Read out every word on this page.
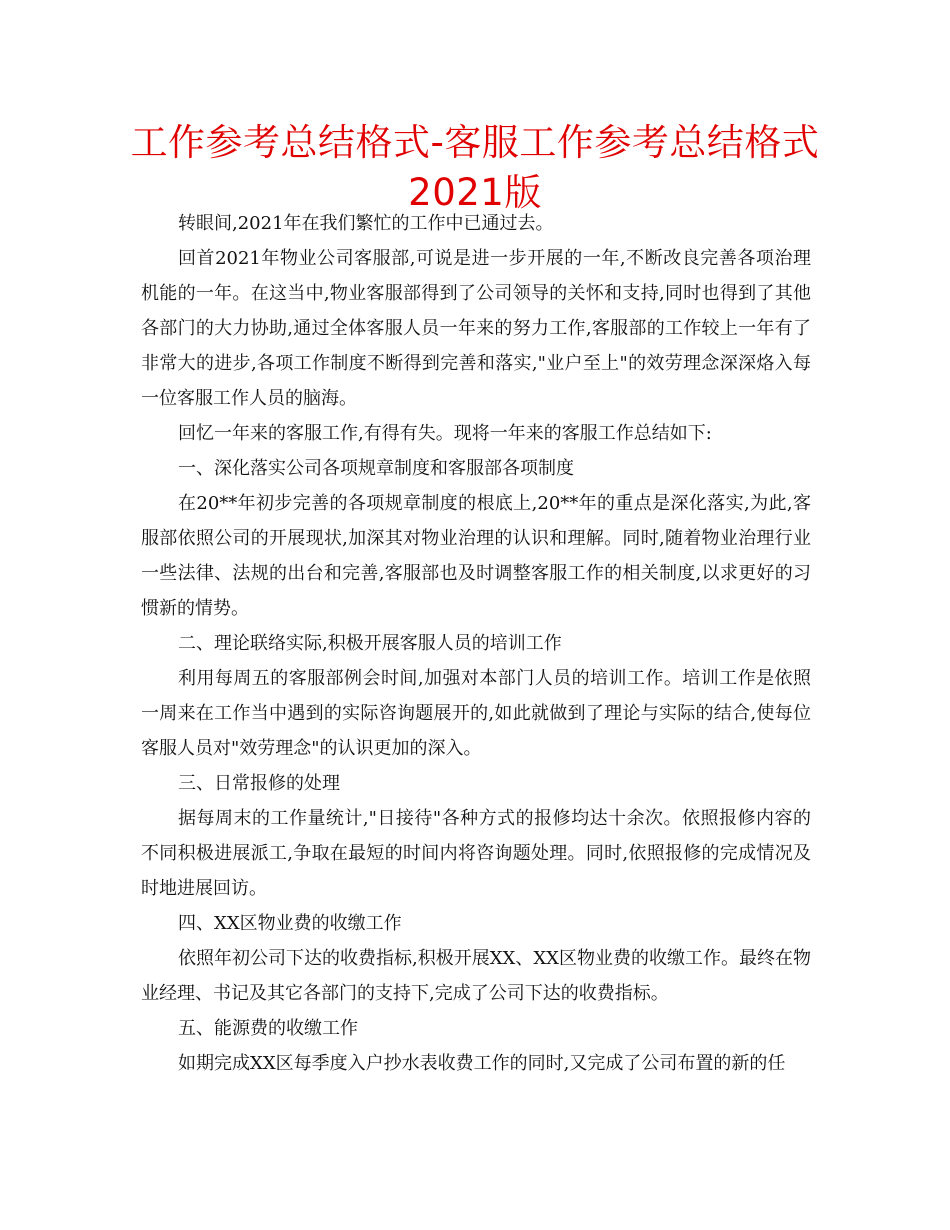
工作参考总结格式-客服工作参考总结格式2021版

转眼间,2021年在我们繁忙的工作中已通过去。

回首2021年物业公司客服部,可说是进一步开展的一年,不断改良完善各项治理机能的一年。在这当中,物业客服部得到了公司领导的关怀和支持,同时也得到了其他各部门的大力协助,通过全体客服人员一年来的努力工作,客服部的工作较上一年有了非常大的进步,各项工作制度不断得到完善和落实,"业户至上"的效劳理念深深烙入每一位客服工作人员的脑海。

回忆一年来的客服工作,有得有失。现将一年来的客服工作总结如下:

一、深化落实公司各项规章制度和客服部各项制度

在20**年初步完善的各项规章制度的根底上,20**年的重点是深化落实,为此,客服部依照公司的开展现状,加深其对物业治理的认识和理解。同时,随着物业治理行业一些法律、法规的出台和完善,客服部也及时调整客服工作的相关制度,以求更好的习惯新的情势。

二、理论联络实际,积极开展客服人员的培训工作

利用每周五的客服部例会时间,加强对本部门人员的培训工作。培训工作是依照一周来在工作当中遇到的实际咨询题展开的,如此就做到了理论与实际的结合,使每位客服人员对"效劳理念"的认识更加的深入。

三、日常报修的处理

据每周末的工作量统计,"日接待"各种方式的报修均达十余次。依照报修内容的不同积极进展派工,争取在最短的时间内将咨询题处理。同时,依照报修的完成情况及时地进展回访。

四、XX区物业费的收缴工作

依照年初公司下达的收费指标,积极开展XX、XX区物业费的收缴工作。最终在物业经理、书记及其它各部门的支持下,完成了公司下达的收费指标。

五、能源费的收缴工作

如期完成XX区每季度入户抄水表收费工作的同时,又完成了公司布置的新的任
